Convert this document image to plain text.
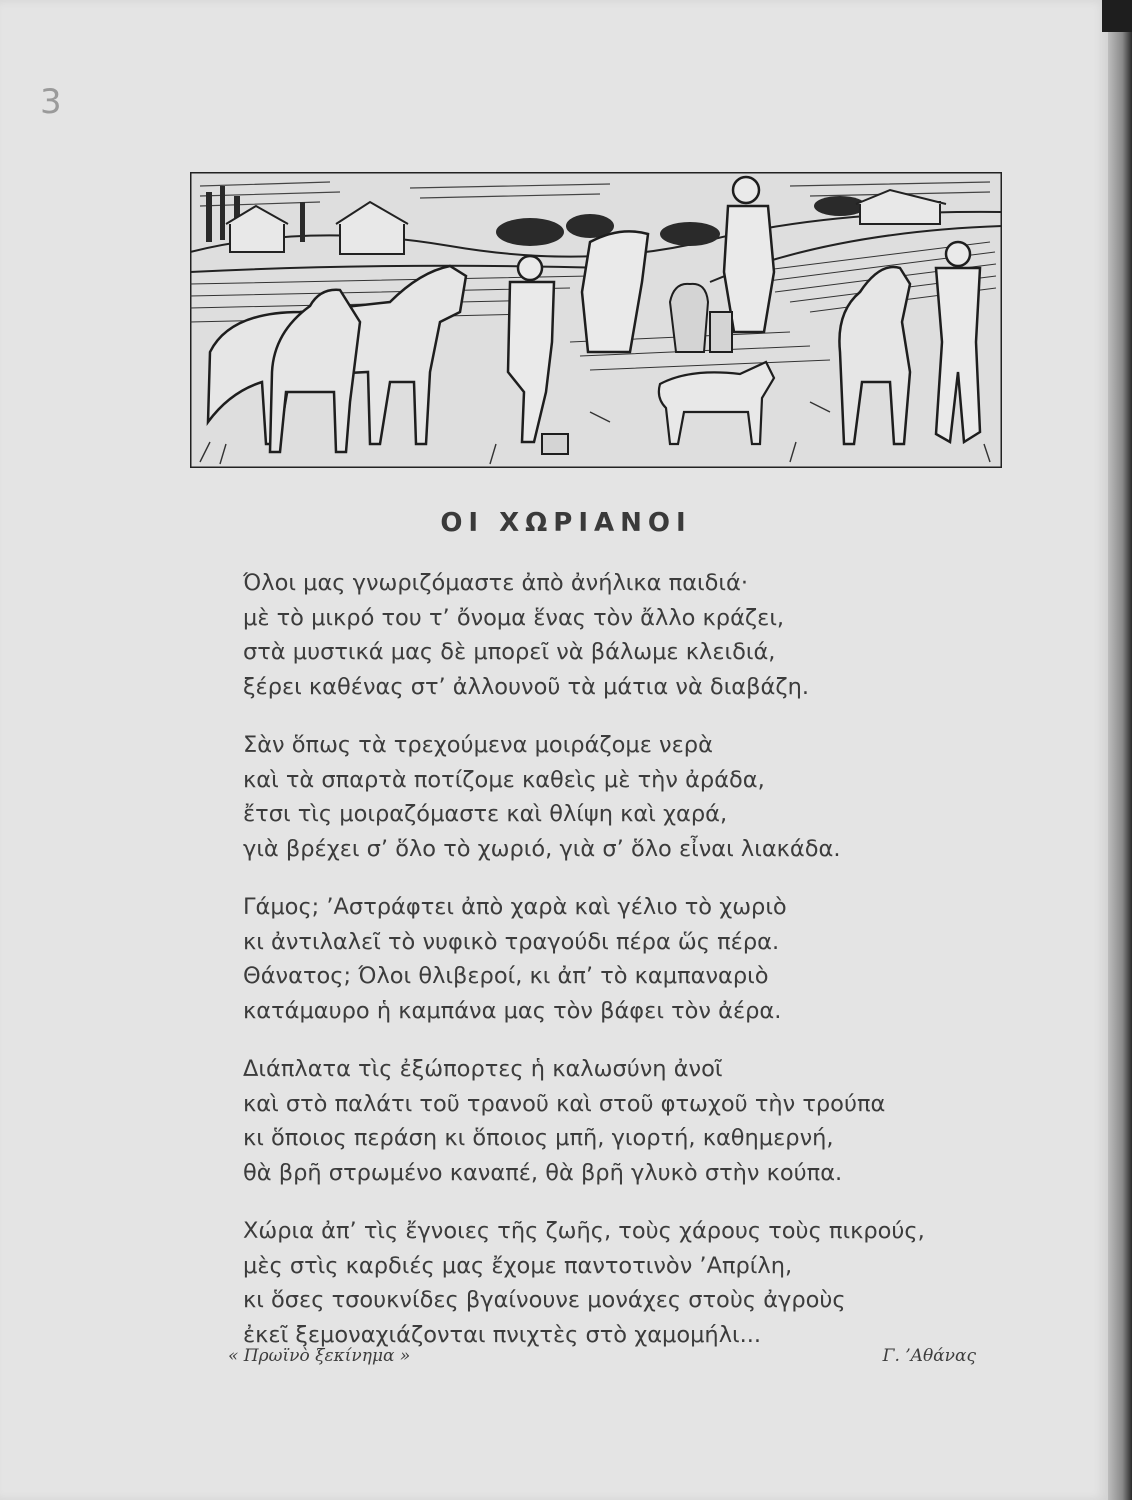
3
ΟΙ ΧΩΡΙΑΝΟΙ

Όλοι μας γνωριζόμαστε ἀπὸ ἀνήλικα παιδιά·
μὲ τὸ μικρό του τ’ ὄνομα ἕνας τὸν ἄλλο κράζει,
στὰ μυστικά μας δὲ μπορεῖ νὰ βάλωμε κλειδιά,
ξέρει καθένας στ’ ἀλλουνοῦ τὰ μάτια νὰ διαβάζη.

Σὰν ὅπως τὰ τρεχούμενα μοιράζομε νερὰ
καὶ τὰ σπαρτὰ ποτίζομε καθεὶς μὲ τὴν ἀράδα,
ἔτσι τὶς μοιραζόμαστε καὶ θλίψη καὶ χαρά,
γιὰ βρέχει σ’ ὅλο τὸ χωριό, γιὰ σ’ ὅλο εἶναι λιακάδα.

Γάμος; ’Αστράφτει ἀπὸ χαρὰ καὶ γέλιο τὸ χωριὸ
κι ἀντιλαλεῖ τὸ νυφικὸ τραγούδι πέρα ὥς πέρα.
Θάνατος; Όλοι θλιβεροί, κι ἀπ’ τὸ καμπαναριὸ
κατάμαυρο ἡ καμπάνα μας τὸν βάφει τὸν ἀέρα.

Διάπλατα τὶς ἐξώπορτες ἡ καλωσύνη ἀνοῖ
καὶ στὸ παλάτι τοῦ τρανοῦ καὶ στοῦ φτωχοῦ τὴν τρούπα
κι ὅποιος περάση κι ὅποιος μπῆ, γιορτή, καθημερνή,
θὰ βρῆ στρωμένο καναπέ, θὰ βρῆ γλυκὸ στὴν κούπα.

Χώρια ἀπ’ τὶς ἔγνοιες τῆς ζωῆς, τοὺς χάρους τοὺς πικρούς,
μὲς στὶς καρδιές μας ἔχομε παντοτινὸν ’Απρίλη,
κι ὅσες τσουκνίδες βγαίνουνε μονάχες στοὺς ἀγροὺς
ἐκεῖ ξεμοναχιάζονται πνιχτὲς στὸ χαμομήλι...

« Πρωϊνὸ ξεκίνημα »	Γ. ’Αθάνας
